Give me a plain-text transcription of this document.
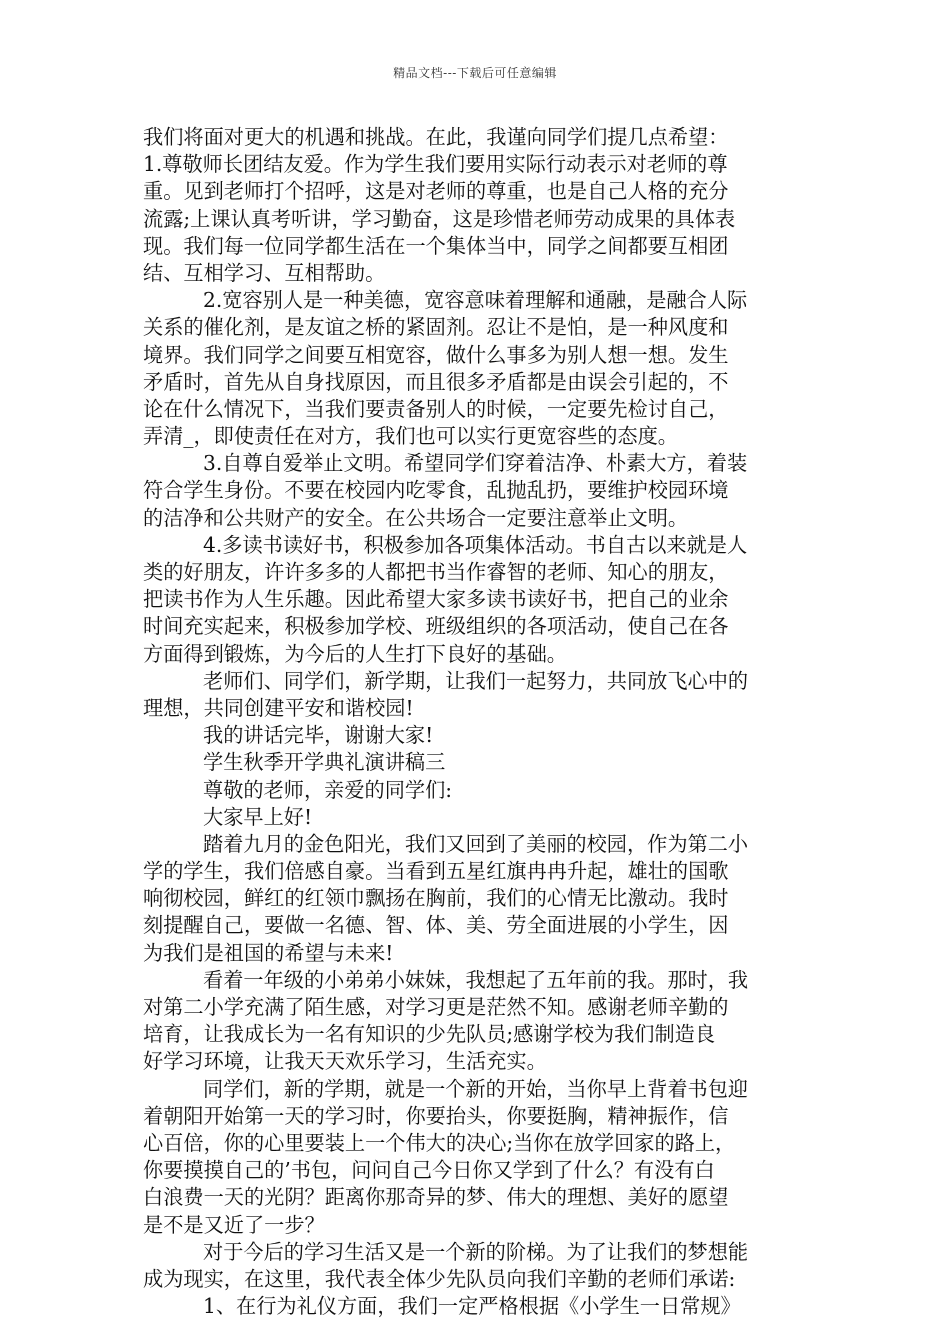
精品文档---下载后可任意编辑
我们将面对更大的机遇和挑战。在此，我谨向同学们提几点希望：
1.尊敬师长团结友爱。作为学生我们要用实际行动表示对老师的尊
重。见到老师打个招呼，这是对老师的尊重，也是自己人格的充分
流露;上课认真考听讲，学习勤奋，这是珍惜老师劳动成果的具体表
现。我们每一位同学都生活在一个集体当中，同学之间都要互相团
结、互相学习、互相帮助。
2.宽容别人是一种美德，宽容意味着理解和通融，是融合人际
关系的催化剂，是友谊之桥的紧固剂。忍让不是怕，是一种风度和
境界。我们同学之间要互相宽容，做什么事多为别人想一想。发生
矛盾时，首先从自身找原因，而且很多矛盾都是由误会引起的，不
论在什么情况下，当我们要责备别人的时候，一定要先检讨自己，
弄清_，即使责任在对方，我们也可以实行更宽容些的态度。
3.自尊自爱举止文明。希望同学们穿着洁净、朴素大方，着装
符合学生身份。不要在校园内吃零食，乱抛乱扔，要维护校园环境
的洁净和公共财产的安全。在公共场合一定要注意举止文明。
4.多读书读好书，积极参加各项集体活动。书自古以来就是人
类的好朋友，许许多多的人都把书当作睿智的老师、知心的朋友，
把读书作为人生乐趣。因此希望大家多读书读好书，把自己的业余
时间充实起来，积极参加学校、班级组织的各项活动，使自己在各
方面得到锻炼，为今后的人生打下良好的基础。
老师们、同学们，新学期，让我们一起努力，共同放飞心中的
理想，共同创建平安和谐校园!
我的讲话完毕，谢谢大家!
学生秋季开学典礼演讲稿三
尊敬的老师，亲爱的同学们:
大家早上好!
踏着九月的金色阳光，我们又回到了美丽的校园，作为第二小
学的学生，我们倍感自豪。当看到五星红旗冉冉升起，雄壮的国歌
响彻校园，鲜红的红领巾飘扬在胸前，我们的心情无比激动。我时
刻提醒自己，要做一名德、智、体、美、劳全面进展的小学生，因
为我们是祖国的希望与未来!
看着一年级的小弟弟小妹妹，我想起了五年前的我。那时，我
对第二小学充满了陌生感，对学习更是茫然不知。感谢老师辛勤的
培育，让我成长为一名有知识的少先队员;感谢学校为我们制造良
好学习环境，让我天天欢乐学习，生活充实。
同学们，新的学期，就是一个新的开始，当你早上背着书包迎
着朝阳开始第一天的学习时，你要抬头，你要挺胸，精神振作，信
心百倍，你的心里要装上一个伟大的决心;当你在放学回家的路上，
你要摸摸自己的’书包，问问自己今日你又学到了什么？有没有白
白浪费一天的光阴？距离你那奇异的梦、伟大的理想、美好的愿望
是不是又近了一步？
对于今后的学习生活又是一个新的阶梯。为了让我们的梦想能
成为现实，在这里，我代表全体少先队员向我们辛勤的老师们承诺:
1、在行为礼仪方面，我们一定严格根据《小学生一日常规》
